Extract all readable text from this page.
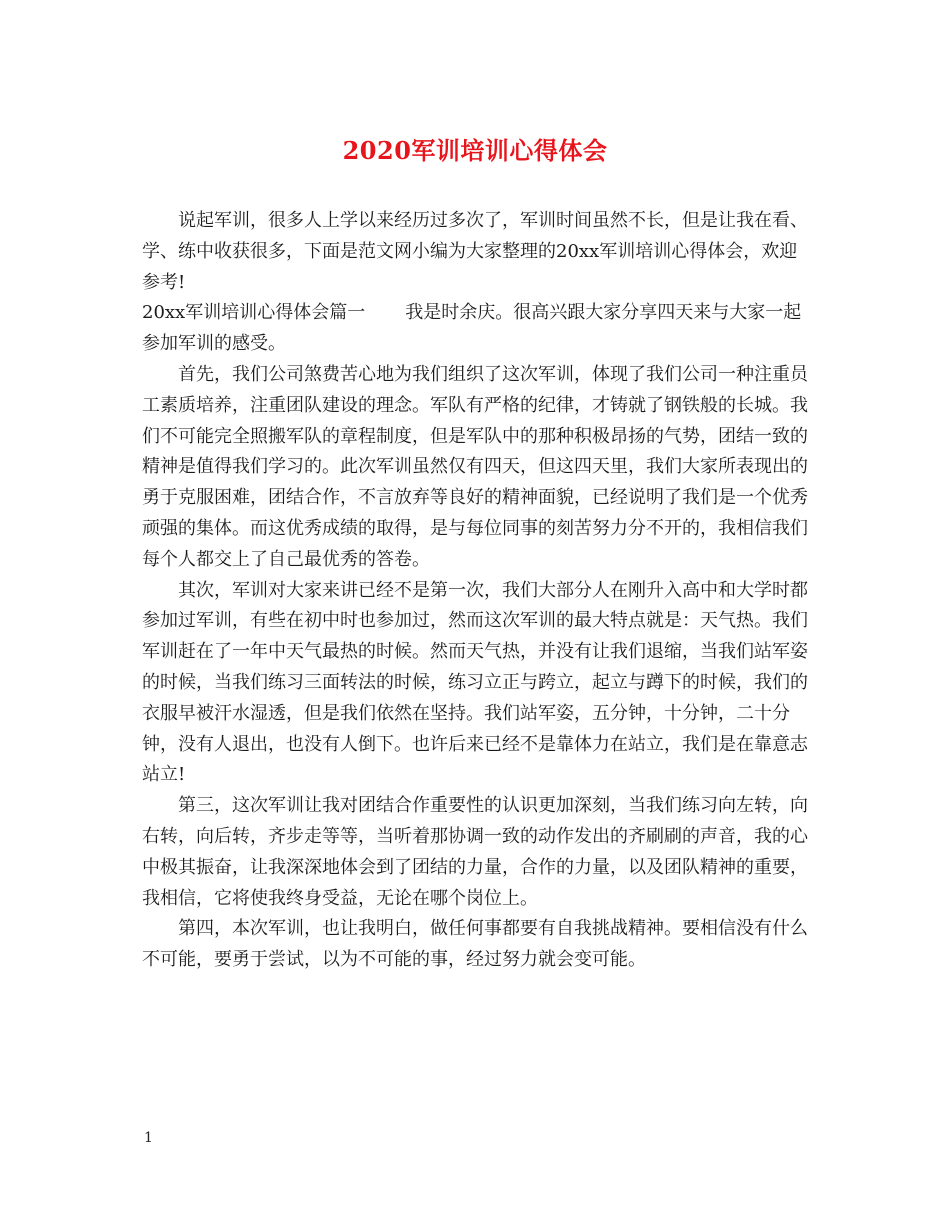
2020军训培训心得体会

说起军训，很多人上学以来经历过多次了，军训时间虽然不长，但是让我在看、学、练中收获很多，下面是范文网小编为大家整理的20xx军训培训心得体会，欢迎参考!

20xx军训培训心得体会篇一 我是时余庆。很高兴跟大家分享四天来与大家一起参加军训的感受。

首先，我们公司煞费苦心地为我们组织了这次军训，体现了我们公司一种注重员工素质培养，注重团队建设的理念。军队有严格的纪律，才铸就了钢铁般的长城。我们不可能完全照搬军队的章程制度，但是军队中的那种积极昂扬的气势，团结一致的精神是值得我们学习的。此次军训虽然仅有四天，但这四天里，我们大家所表现出的勇于克服困难，团结合作，不言放弃等良好的精神面貌，已经说明了我们是一个优秀顽强的集体。而这优秀成绩的取得，是与每位同事的刻苦努力分不开的，我相信我们每个人都交上了自己最优秀的答卷。

其次，军训对大家来讲已经不是第一次，我们大部分人在刚升入高中和大学时都参加过军训，有些在初中时也参加过，然而这次军训的最大特点就是：天气热。我们军训赶在了一年中天气最热的时候。然而天气热，并没有让我们退缩，当我们站军姿的时候，当我们练习三面转法的时候，练习立正与跨立，起立与蹲下的时候，我们的衣服早被汗水湿透，但是我们依然在坚持。我们站军姿，五分钟，十分钟，二十分钟，没有人退出，也没有人倒下。也许后来已经不是靠体力在站立，我们是在靠意志站立!

第三，这次军训让我对团结合作重要性的认识更加深刻，当我们练习向左转，向右转，向后转，齐步走等等，当听着那协调一致的动作发出的齐刷刷的声音，我的心中极其振奋，让我深深地体会到了团结的力量，合作的力量，以及团队精神的重要，我相信，它将使我终身受益，无论在哪个岗位上。

第四，本次军训，也让我明白，做任何事都要有自我挑战精神。要相信没有什么不可能，要勇于尝试，以为不可能的事，经过努力就会变可能。

1
